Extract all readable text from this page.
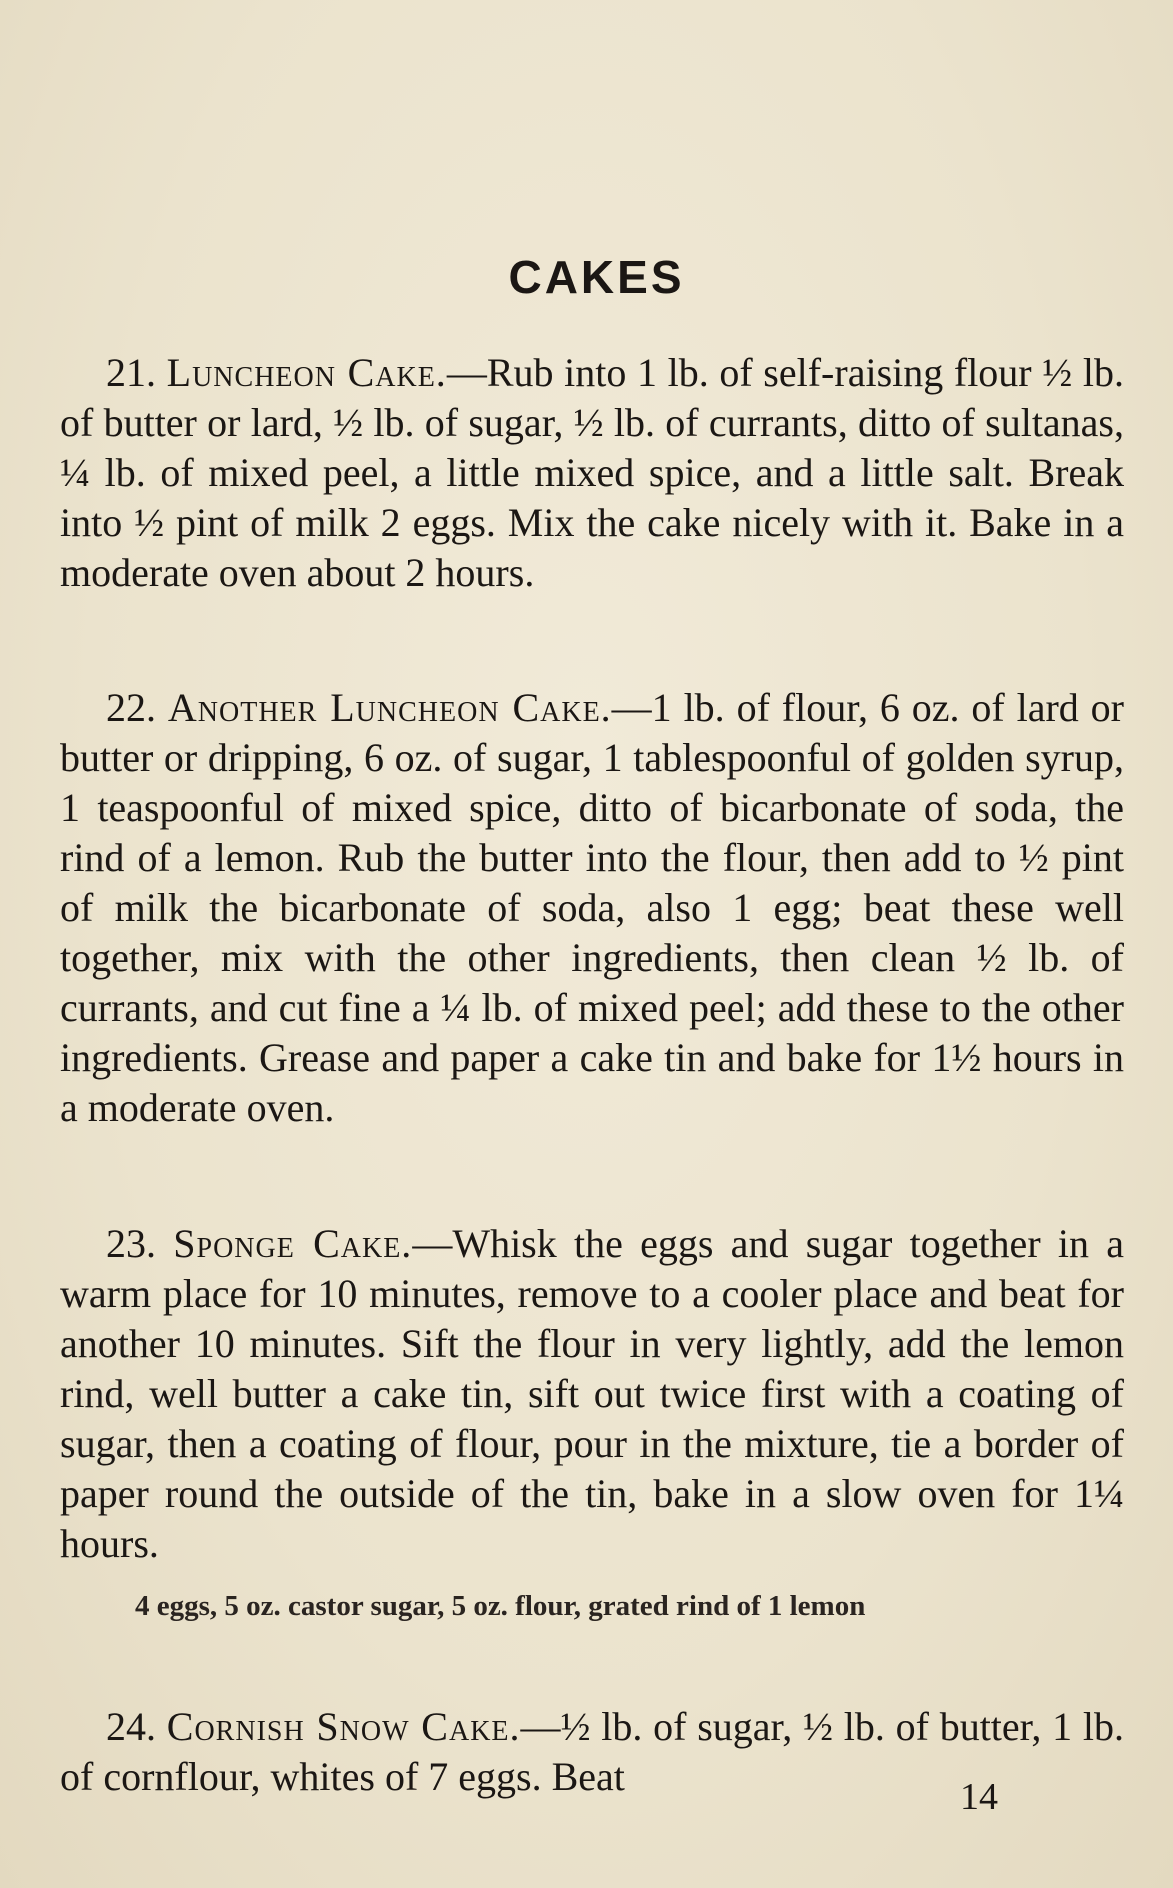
CAKES

21. Luncheon Cake.—Rub into 1 lb. of self-raising flour ½ lb. of butter or lard, ½ lb. of sugar, ½ lb. of currants, ditto of sultanas, ¼ lb. of mixed peel, a little mixed spice, and a little salt. Break into ½ pint of milk 2 eggs. Mix the cake nicely with it. Bake in a moderate oven about 2 hours.

22. Another Luncheon Cake.—1 lb. of flour, 6 oz. of lard or butter or dripping, 6 oz. of sugar, 1 tablespoonful of golden syrup, 1 teaspoonful of mixed spice, ditto of bicarbonate of soda, the rind of a lemon. Rub the butter into the flour, then add to ½ pint of milk the bicarbonate of soda, also 1 egg; beat these well together, mix with the other ingredients, then clean ½ lb. of currants, and cut fine a ¼ lb. of mixed peel; add these to the other ingredients. Grease and paper a cake tin and bake for 1½ hours in a moderate oven.

23. Sponge Cake.—Whisk the eggs and sugar together in a warm place for 10 minutes, remove to a cooler place and beat for another 10 minutes. Sift the flour in very lightly, add the lemon rind, well butter a cake tin, sift out twice first with a coating of sugar, then a coating of flour, pour in the mixture, tie a border of paper round the outside of the tin, bake in a slow oven for 1¼ hours.

4 eggs, 5 oz. castor sugar, 5 oz. flour, grated rind of 1 lemon

24. Cornish Snow Cake.—½ lb. of sugar, ½ lb. of butter, 1 lb. of cornflour, whites of 7 eggs. Beat	14
